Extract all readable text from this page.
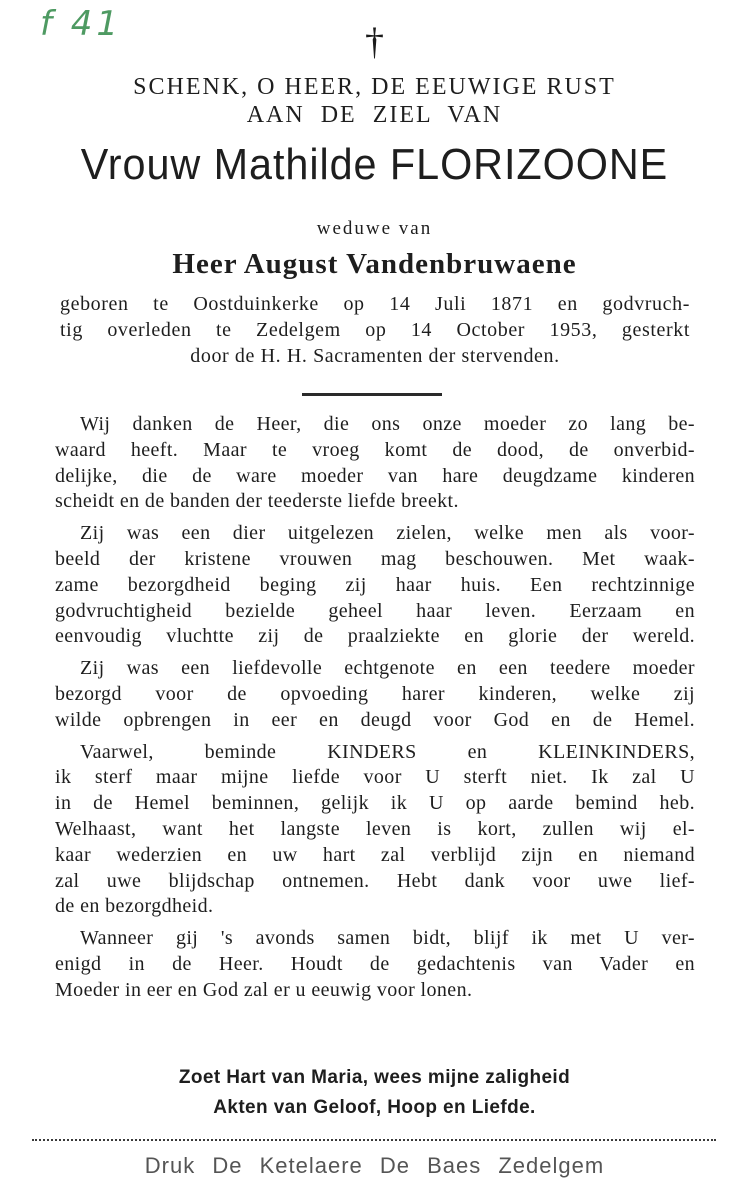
f 41	†
SCHENK, O HEER, DE EEUWIGE RUST
AAN DE ZIEL VAN
Vrouw Mathilde FLORIZOONE
weduwe van
Heer August Vandenbruwaene
geboren te Oostduinkerke op 14 Juli 1871 en godvruch-
tig overleden te Zedelgem op 14 October 1953, gesterkt
door de H. H. Sacramenten der stervenden.
Wij danken de Heer, die ons onze moeder zo lang be-
waard heeft. Maar te vroeg komt de dood, de onverbid-
delijke, die de ware moeder van hare deugdzame kinderen
scheidt en de banden der teederste liefde breekt.
Zij was een dier uitgelezen zielen, welke men als voor-
beeld der kristene vrouwen mag beschouwen. Met waak-
zame bezorgdheid beging zij haar huis. Een rechtzinnige
godvruchtigheid bezielde geheel haar leven. Eerzaam en
eenvoudig vluchtte zij de praalziekte en glorie der wereld.
Zij was een liefdevolle echtgenote en een teedere moeder
bezorgd voor de opvoeding harer kinderen, welke zij
wilde opbrengen in eer en deugd voor God en de Hemel.
Vaarwel, beminde KINDERS en KLEINKINDERS,
ik sterf maar mijne liefde voor U sterft niet. Ik zal U
in de Hemel beminnen, gelijk ik U op aarde bemind heb.
Welhaast, want het langste leven is kort, zullen wij el-
kaar wederzien en uw hart zal verblijd zijn en niemand
zal uwe blijdschap ontnemen. Hebt dank voor uwe lief-
de en bezorgdheid.
Wanneer gij 's avonds samen bidt, blijf ik met U ver-
enigd in de Heer. Houdt de gedachtenis van Vader en
Moeder in eer en God zal er u eeuwig voor lonen.
Zoet Hart van Maria, wees mijne zaligheid
Akten van Geloof, Hoop en Liefde.
Druk De Ketelaere De Baes Zedelgem
